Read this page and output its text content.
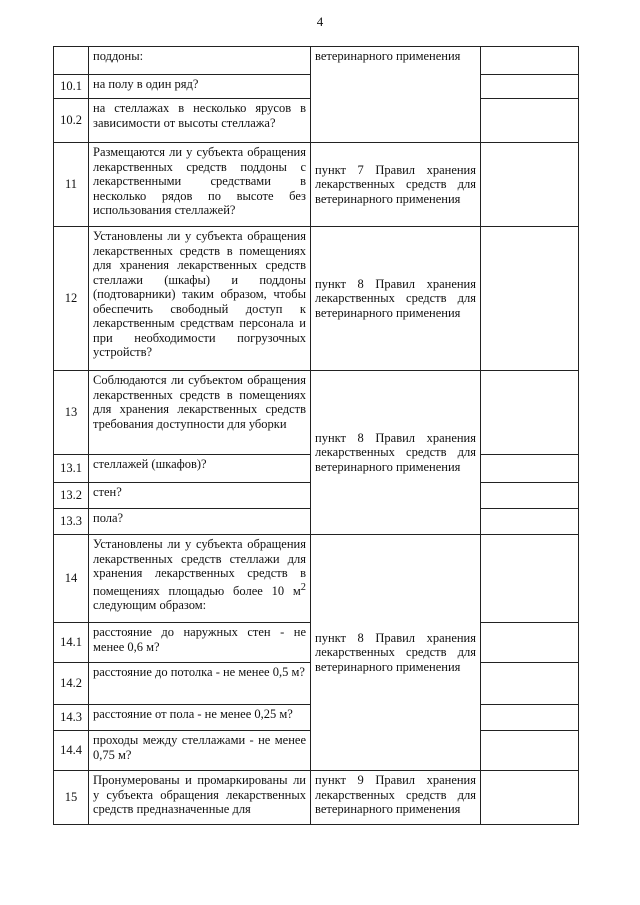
4
	поддоны:	ветеринарного применения	
10.1	на полу в один ряд?		
10.2	на стеллажах в несколько ярусов в зависимости от высоты стеллажа?		
11	Размещаются ли у субъекта обращения лекарственных средств поддоны с лекарственными средствами в несколько рядов по высоте без использования стеллажей?	пункт 7 Правил хранения лекарственных средств для ветеринарного применения	
12	Установлены ли у субъекта обращения лекарственных средств в помещениях для хранения лекарственных средств стеллажи (шкафы) и поддоны (подтоварники) таким образом, чтобы обеспечить свободный доступ к лекарственным средствам персонала и при необходимости погрузочных устройств?	пункт 8 Правил хранения лекарственных средств для ветеринарного применения	
13	Соблюдаются ли субъектом обращения лекарственных средств в помещениях для хранения лекарственных средств требования доступности для уборки	пункт 8 Правил хранения лекарственных средств для ветеринарного применения	
13.1	стеллажей (шкафов)?		
13.2	стен?		
13.3	пола?		
14	Установлены ли у субъекта обращения лекарственных средств стеллажи для хранения лекарственных средств в помещениях площадью более 10 $м^2$ следующим образом:	пункт 8 Правил хранения лекарственных средств для ветеринарного применения	
14.1	расстояние до наружных стен - не менее 0,6 м?		
14.2	расстояние до потолка - не менее 0,5 м?		
14.3	расстояние от пола - не менее 0,25 м?		
14.4	проходы между стеллажами - не менее 0,75 м?		
15	Пронумерованы и промаркированы ли у субъекта обращения лекарственных средств предназначенные для	пункт 9 Правил хранения лекарственных средств для ветеринарного применения	
